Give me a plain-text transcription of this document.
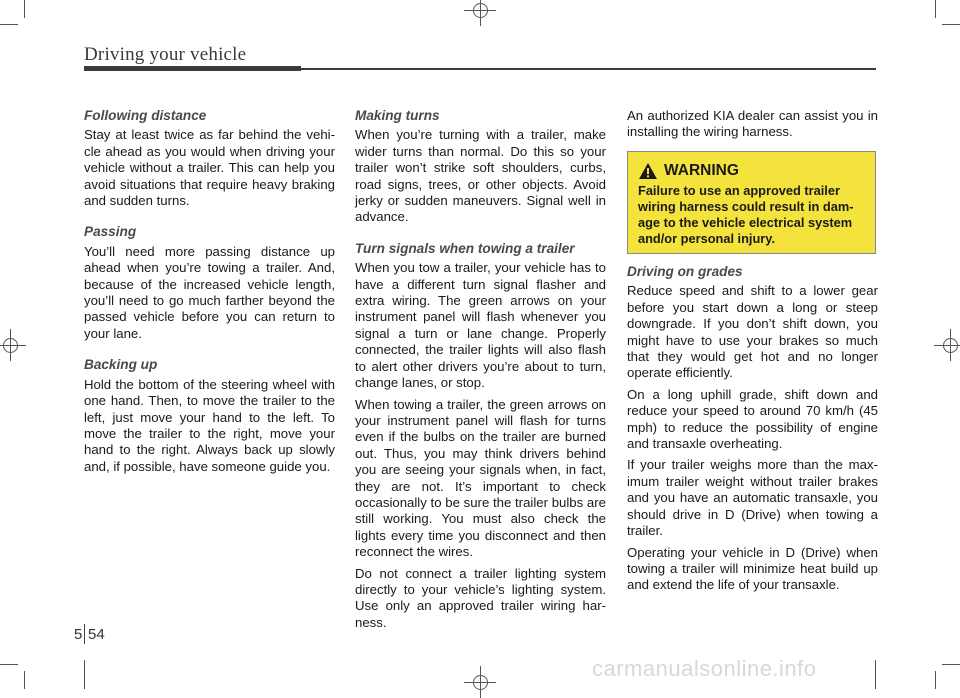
Driving your vehicle
Following distance

Stay at least twice as far behind the vehicle ahead as you would when driving your vehicle without a trailer. This can help you avoid situations that require heavy braking and sudden turns.

Passing

You’ll need more passing distance up ahead when you’re towing a trailer. And, because of the increased vehicle length, you’ll need to go much farther beyond the passed vehicle before you can return to your lane.

Backing up

Hold the bottom of the steering wheel with one hand. Then, to move the trailer to the left, just move your hand to the left. To move the trailer to the right, move your hand to the right. Always back up slowly and, if possible, have someone guide you.

Making turns

When you’re turning with a trailer, make wider turns than normal. Do this so your trailer won’t strike soft shoulders, curbs, road signs, trees, or other objects. Avoid jerky or sudden maneuvers. Signal well in advance.

Turn signals when towing a trailer

When you tow a trailer, your vehicle has to have a different turn signal flasher and extra wiring. The green arrows on your instrument panel will flash whenever you signal a turn or lane change. Properly connected, the trailer lights will also flash to alert other drivers you’re about to turn, change lanes, or stop.

When towing a trailer, the green arrows on your instrument panel will flash for turns even if the bulbs on the trailer are burned out. Thus, you may think drivers behind you are seeing your signals when, in fact, they are not. It’s important to check occasionally to be sure the trailer bulbs are still working. You must also check the lights every time you disconnect and then reconnect the wires.

Do not connect a trailer lighting system directly to your vehicle’s lighting system. Use only an approved trailer wiring harness.

An authorized KIA dealer can assist you in installing the wiring harness.

WARNING
Failure to use an approved trailer wiring harness could result in damage to the vehicle electrical system and/or personal injury.
Driving on grades

Reduce speed and shift to a lower gear before you start down a long or steep downgrade. If you don’t shift down, you might have to use your brakes so much that they would get hot and no longer operate efficiently.

On a long uphill grade, shift down and reduce your speed to around 70 km/h (45 mph) to reduce the possibility of engine and transaxle overheating.

If your trailer weighs more than the maximum trailer weight without trailer brakes and you have an automatic transaxle, you should drive in D (Drive) when towing a trailer.

Operating your vehicle in D (Drive) when towing a trailer will minimize heat build up and extend the life of your transaxle.

5 54
carmanualsonline.info
